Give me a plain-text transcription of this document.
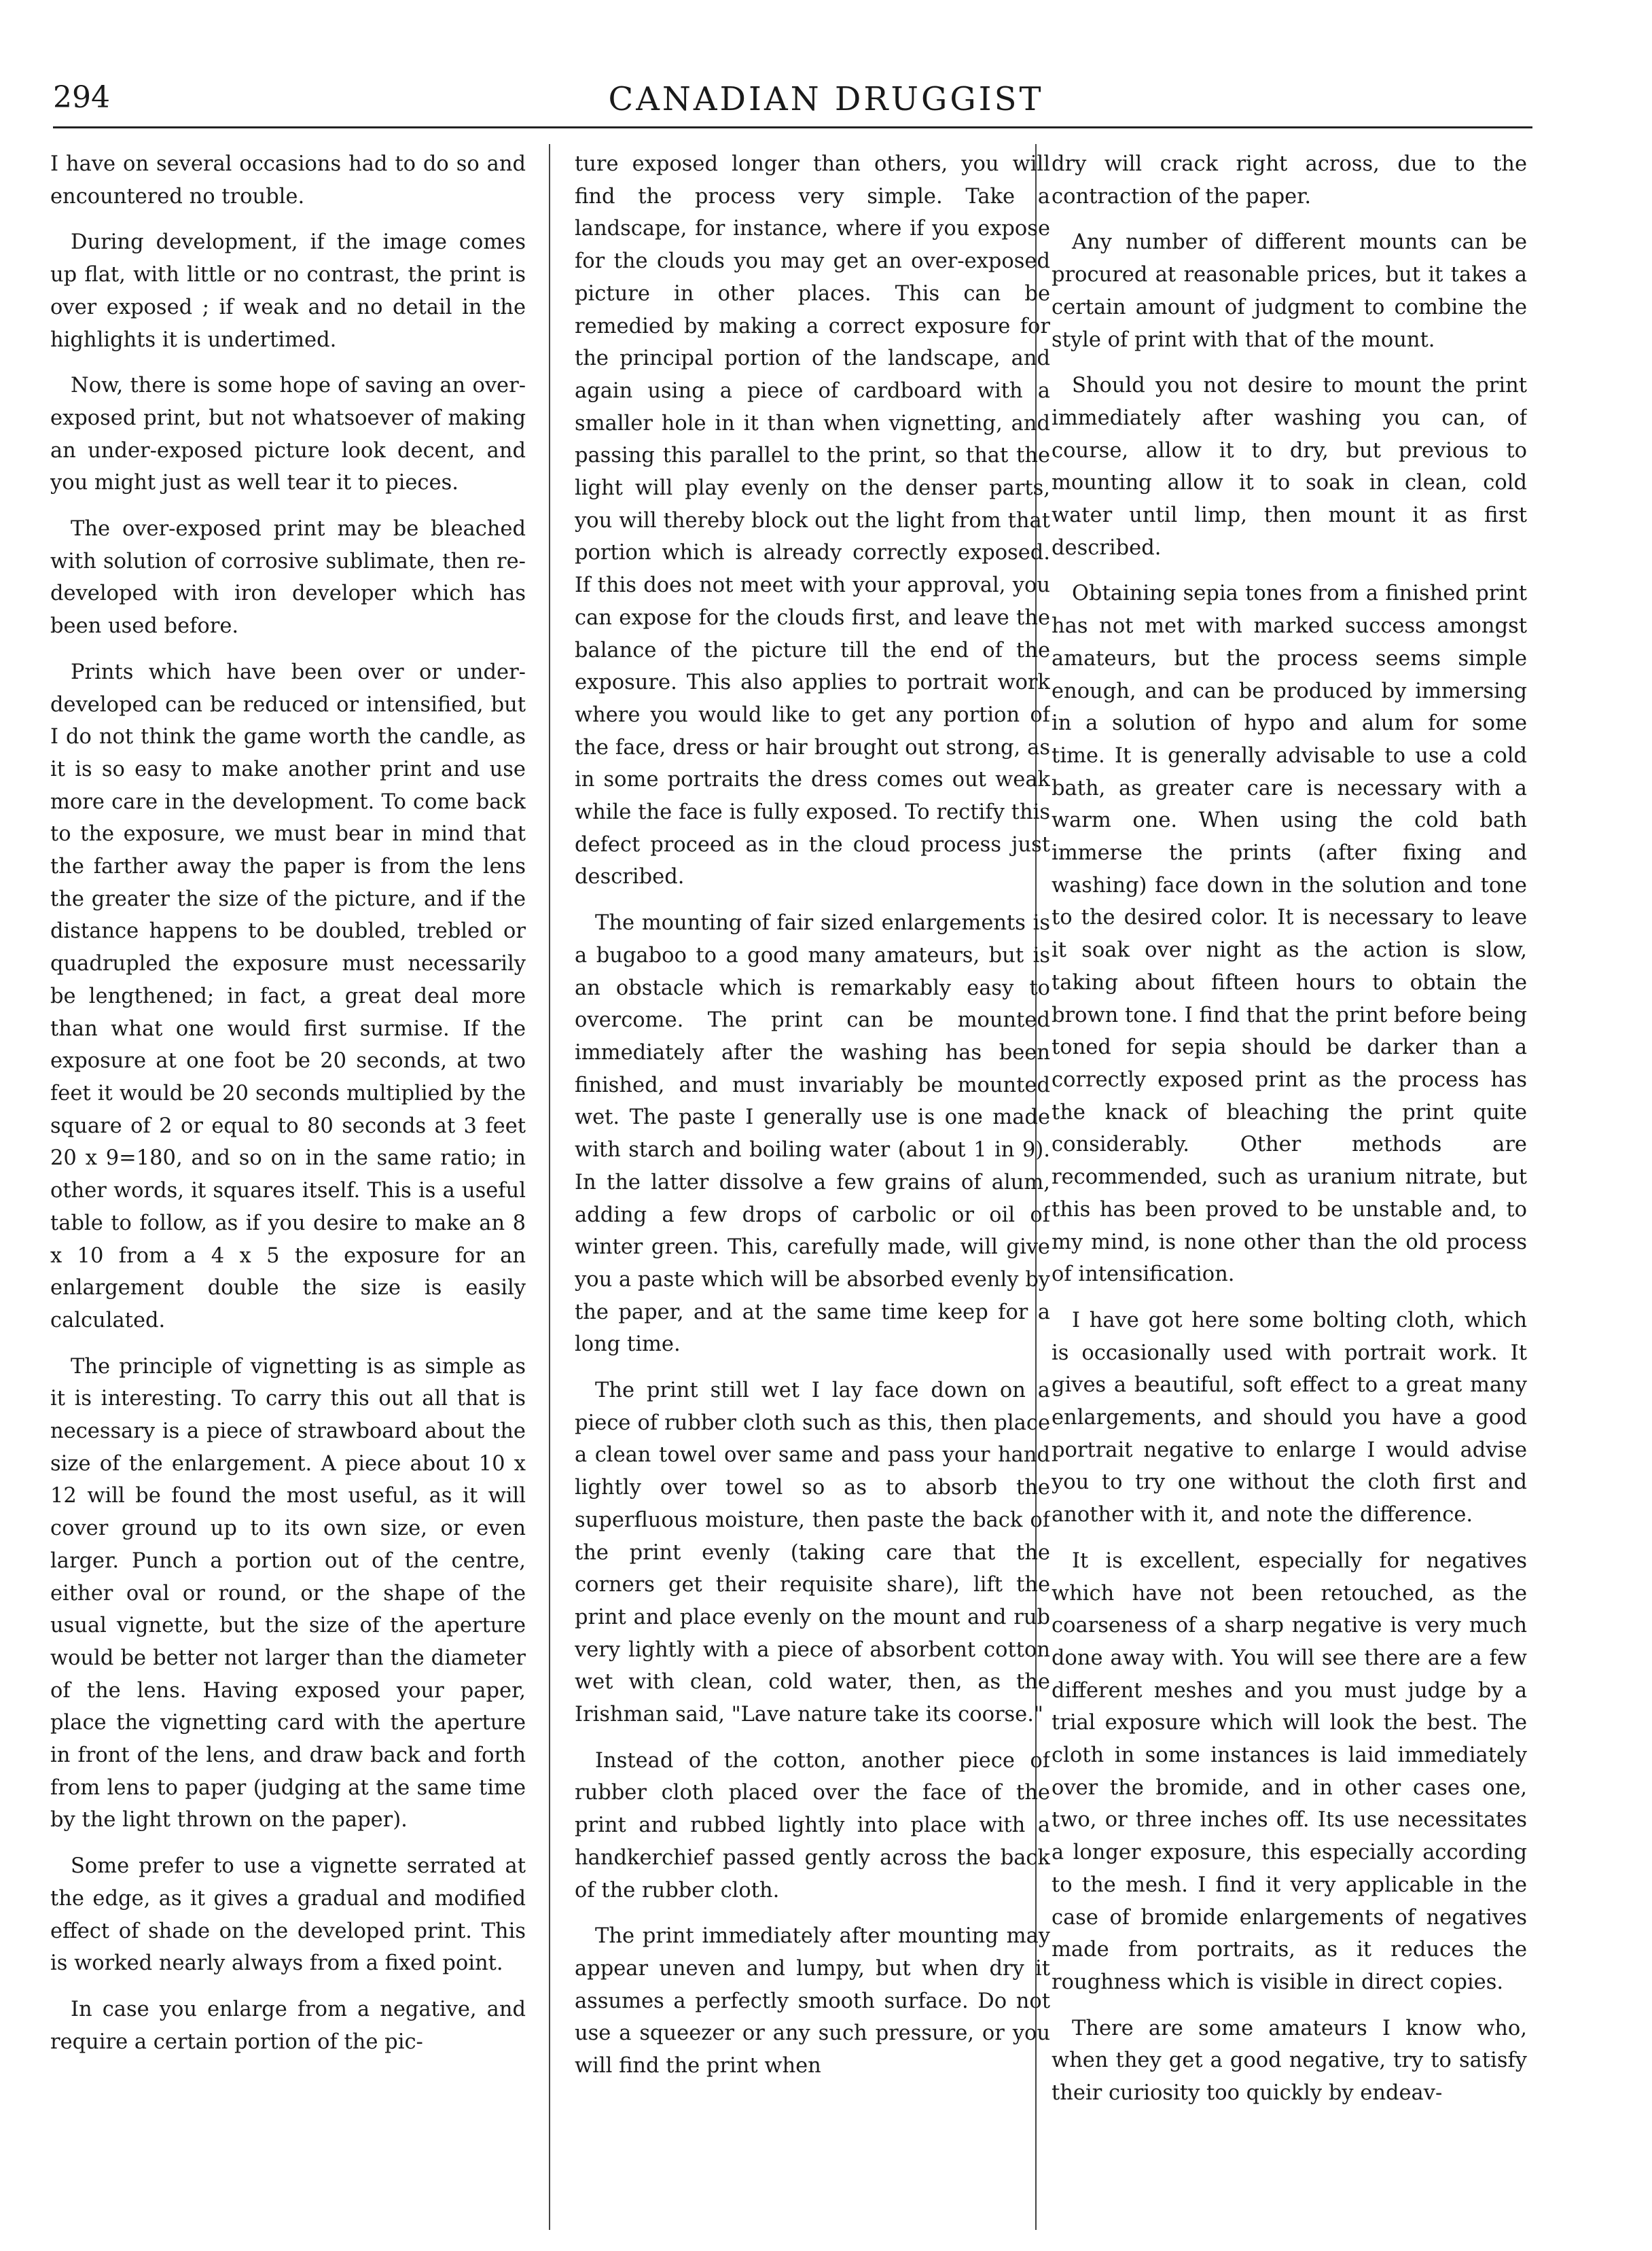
294	CANADIAN DRUGGIST

I have on several occasions had to do so and encountered no trouble.

During development, if the image comes up flat, with little or no contrast, the print is over exposed ; if weak and no detail in the highlights it is undertimed.

Now, there is some hope of saving an over-exposed print, but not whatsoever of making an under-exposed picture look decent, and you might just as well tear it to pieces.

The over-exposed print may be bleached with solution of corrosive sublimate, then re-developed with iron developer which has been used before.

Prints which have been over or under-developed can be reduced or intensified, but I do not think the game worth the candle, as it is so easy to make another print and use more care in the development. To come back to the exposure, we must bear in mind that the farther away the paper is from the lens the greater the size of the picture, and if the distance happens to be doubled, trebled or quadrupled the exposure must necessarily be lengthened; in fact, a great deal more than what one would first surmise. If the exposure at one foot be 20 seconds, at two feet it would be 20 seconds multiplied by the square of 2 or equal to 80 seconds at 3 feet 20 x 9=180, and so on in the same ratio; in other words, it squares itself. This is a useful table to follow, as if you desire to make an 8 x 10 from a 4 x 5 the exposure for an enlargement double the size is easily calculated.

The principle of vignetting is as simple as it is interesting. To carry this out all that is necessary is a piece of strawboard about the size of the enlargement. A piece about 10 x 12 will be found the most useful, as it will cover ground up to its own size, or even larger. Punch a portion out of the centre, either oval or round, or the shape of the usual vignette, but the size of the aperture would be better not larger than the diameter of the lens. Having exposed your paper, place the vignetting card with the aperture in front of the lens, and draw back and forth from lens to paper (judging at the same time by the light thrown on the paper).

Some prefer to use a vignette serrated at the edge, as it gives a gradual and modified effect of shade on the developed print. This is worked nearly always from a fixed point.

In case you enlarge from a negative, and require a certain portion of the pic-

ture exposed longer than others, you will find the process very simple. Take a landscape, for instance, where if you expose for the clouds you may get an over-exposed picture in other places. This can be remedied by making a correct exposure for the principal portion of the landscape, and again using a piece of cardboard with a smaller hole in it than when vignetting, and passing this parallel to the print, so that the light will play evenly on the denser parts, you will thereby block out the light from that portion which is already correctly exposed. If this does not meet with your approval, you can expose for the clouds first, and leave the balance of the picture till the end of the exposure. This also applies to portrait work where you would like to get any portion of the face, dress or hair brought out strong, as in some portraits the dress comes out weak while the face is fully exposed. To rectify this defect proceed as in the cloud process just described.

The mounting of fair sized enlargements is a bugaboo to a good many amateurs, but is an obstacle which is remarkably easy to overcome. The print can be mounted immediately after the washing has been finished, and must invariably be mounted wet. The paste I generally use is one made with starch and boiling water (about 1 in 9). In the latter dissolve a few grains of alum, adding a few drops of carbolic or oil of winter green. This, carefully made, will give you a paste which will be absorbed evenly by the paper, and at the same time keep for a long time.

The print still wet I lay face down on a piece of rubber cloth such as this, then place a clean towel over same and pass your hand lightly over towel so as to absorb the superfluous moisture, then paste the back of the print evenly (taking care that the corners get their requisite share), lift the print and place evenly on the mount and rub very lightly with a piece of absorbent cotton wet with clean, cold water, then, as the Irishman said, "Lave nature take its coorse."

Instead of the cotton, another piece of rubber cloth placed over the face of the print and rubbed lightly into place with a handkerchief passed gently across the back of the rubber cloth.

The print immediately after mounting may appear uneven and lumpy, but when dry it assumes a perfectly smooth surface. Do not use a squeezer or any such pressure, or you will find the print when

dry will crack right across, due to the contraction of the paper.

Any number of different mounts can be procured at reasonable prices, but it takes a certain amount of judgment to combine the style of print with that of the mount.

Should you not desire to mount the print immediately after washing you can, of course, allow it to dry, but previous to mounting allow it to soak in clean, cold water until limp, then mount it as first described.

Obtaining sepia tones from a finished print has not met with marked success amongst amateurs, but the process seems simple enough, and can be produced by immersing in a solution of hypo and alum for some time. It is generally advisable to use a cold bath, as greater care is necessary with a warm one. When using the cold bath immerse the prints (after fixing and washing) face down in the solution and tone to the desired color. It is necessary to leave it soak over night as the action is slow, taking about fifteen hours to obtain the brown tone. I find that the print before being toned for sepia should be darker than a correctly exposed print as the process has the knack of bleaching the print quite considerably. Other methods are recommended, such as uranium nitrate, but this has been proved to be unstable and, to my mind, is none other than the old process of intensification.

I have got here some bolting cloth, which is occasionally used with portrait work. It gives a beautiful, soft effect to a great many enlargements, and should you have a good portrait negative to enlarge I would advise you to try one without the cloth first and another with it, and note the difference.

It is excellent, especially for negatives which have not been retouched, as the coarseness of a sharp negative is very much done away with. You will see there are a few different meshes and you must judge by a trial exposure which will look the best. The cloth in some instances is laid immediately over the bromide, and in other cases one, two, or three inches off. Its use necessitates a longer exposure, this especially according to the mesh. I find it very applicable in the case of bromide enlargements of negatives made from portraits, as it reduces the roughness which is visible in direct copies.

There are some amateurs I know who, when they get a good negative, try to satisfy their curiosity too quickly by endeav-
